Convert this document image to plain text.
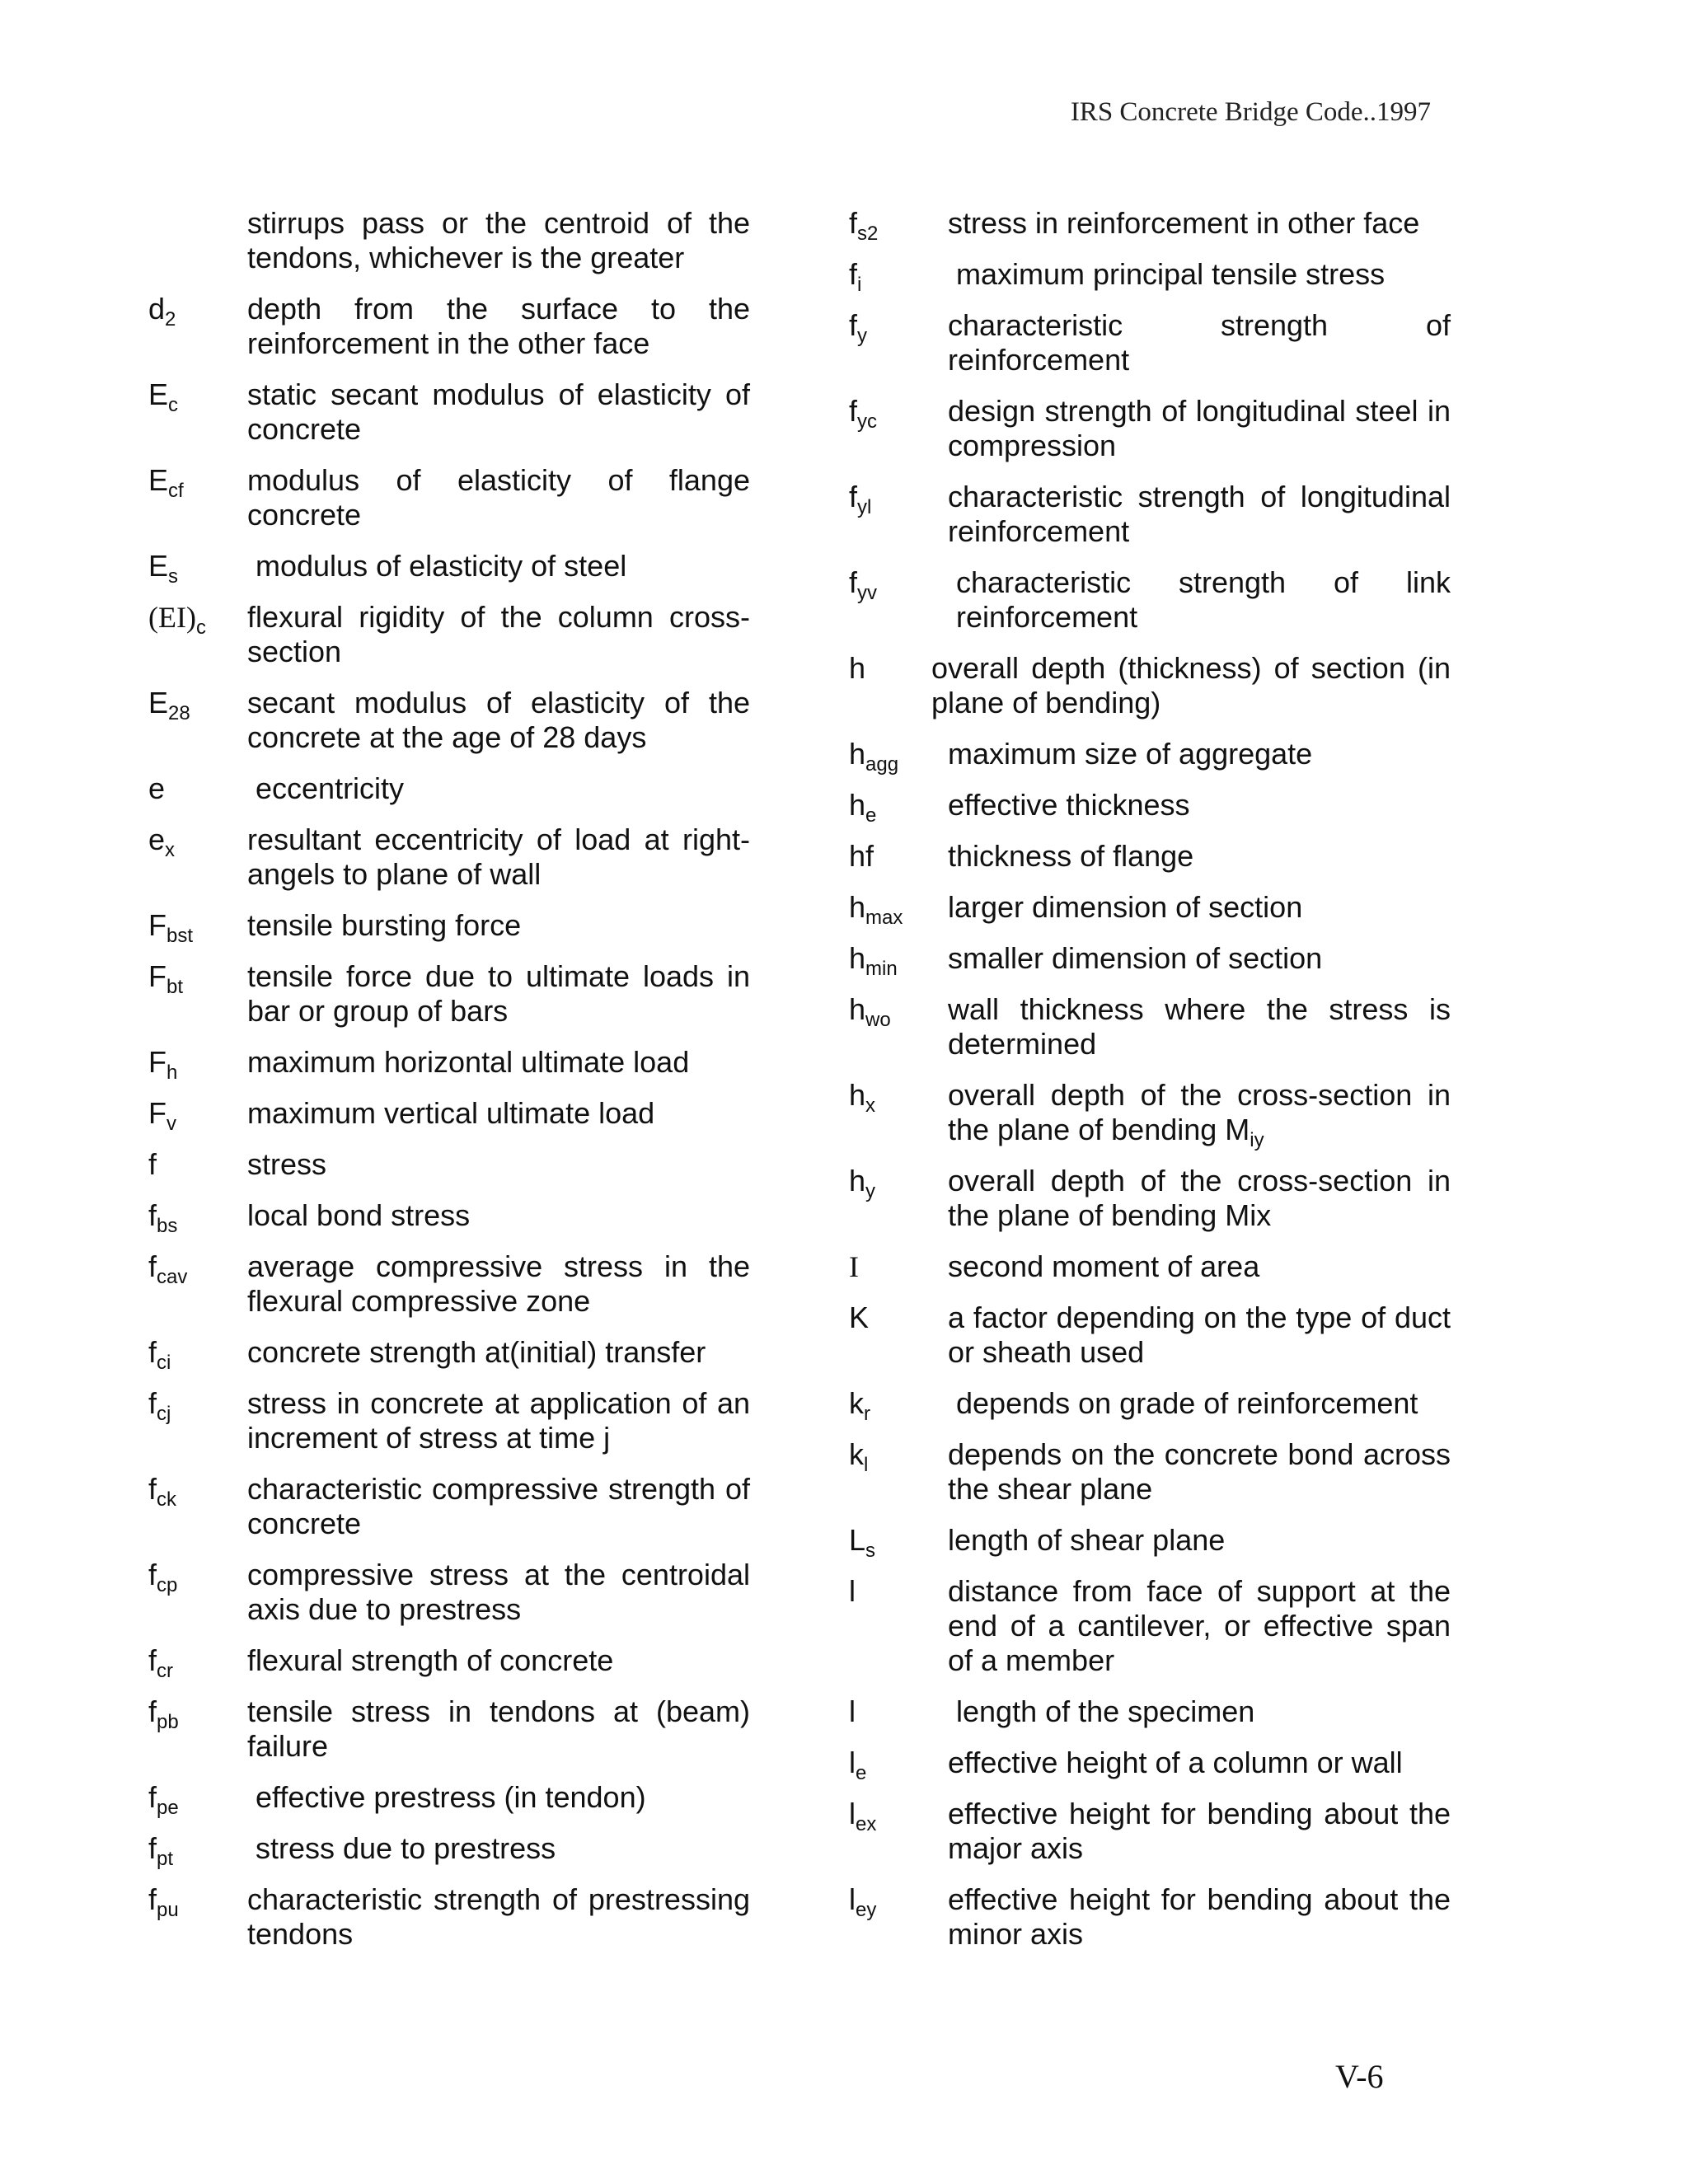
IRS Concrete Bridge Code..1997
stirrups pass or the centroid of the tendons, whichever is the greater
$d_2$	depth from the surface to the reinforcement in the other face
$E_c$	static secant modulus of elasticity of concrete
$E_{cf}$	modulus of elasticity of flange concrete
$E_s$	modulus of elasticity of steel
$(EI)_c$	flexural rigidity of the column cross-section
$E_{28}$	secant modulus of elasticity of the concrete at the age of 28 days
e	eccentricity
$e_x$	resultant eccentricity of load at right-angels to plane of wall
$F_{bst}$	tensile bursting force
$F_{bt}$	tensile force due to ultimate loads in bar or group of bars
$F_h$	maximum horizontal ultimate load
$F_v$	maximum vertical ultimate load
f	stress
$f_{bs}$	local bond stress
$f_{cav}$	average compressive stress in the flexural compressive zone
$f_{ci}$	concrete strength at(initial) transfer
$f_{cj}$	stress in concrete at application of an increment of stress at time j
$f_{ck}$	characteristic compressive strength of concrete
$f_{cp}$	compressive stress at the centroidal axis due to prestress
$f_{cr}$	flexural strength of concrete
$f_{pb}$	tensile stress in tendons at (beam) failure
$f_{pe}$	effective prestress (in tendon)
$f_{pt}$	stress due to prestress
$f_{pu}$	characteristic strength of prestressing tendons
$f_{s2}$	stress in reinforcement in other face
$f_i$	maximum principal tensile stress
$f_y$	characteristic strength of reinforcement
$f_{yc}$	design strength of longitudinal steel in compression
$f_{yl}$	characteristic strength of longitudinal reinforcement
$f_{yv}$	characteristic strength of link reinforcement
h	overall depth (thickness) of section (in plane of bending)
$h_{agg}$	maximum size of aggregate
$h_e$	effective thickness
hf	thickness of flange
$h_{max}$	larger dimension of section
$h_{min}$	smaller dimension of section
$h_{wo}$	wall thickness where the stress is determined
$h_x$	overall depth of the cross-section in the plane of bending $M_{iy}$
$h_y$	overall depth of the cross-section in the plane of bending Mix
I	second moment of area
K	a factor depending on the type of duct or sheath used
$k_r$	depends on grade of reinforcement
$k_l$	depends on the concrete bond across the shear plane
$L_s$	length of shear plane
l	distance from face of support at the end of a cantilever, or effective span of a member
l	length of the specimen
$l_e$	effective height of a column or wall
$l_{ex}$	effective height for bending about the major axis
$l_{ey}$	effective height for bending about the minor axis
V-6
